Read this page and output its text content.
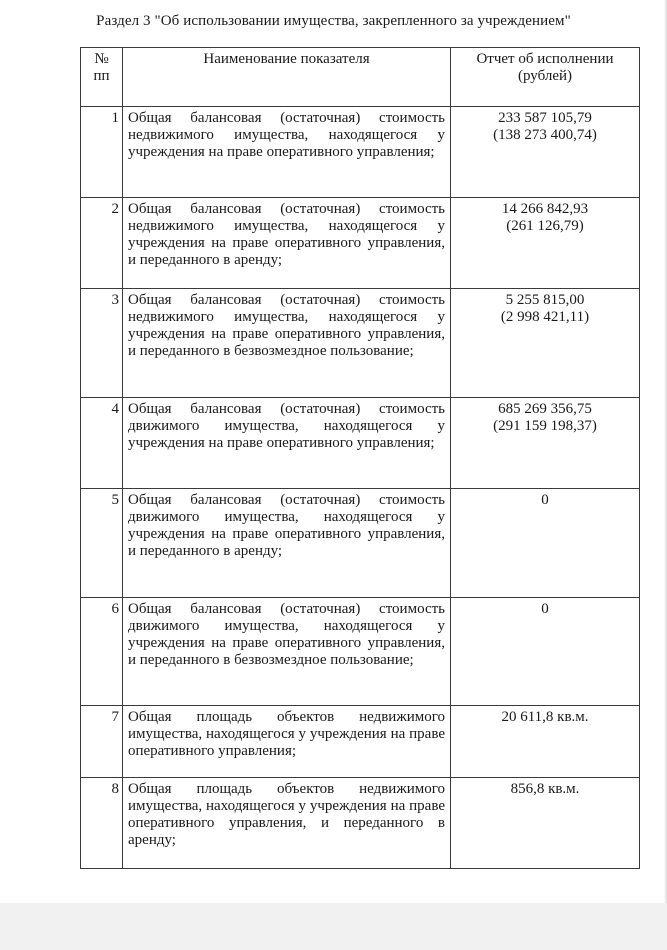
Раздел 3 "Об использовании имущества, закрепленного за учреждением"
№
пп	Наименование показателя	Отчет об исполнении
(рублей)

1	Общая балансовая (остаточная) стоимость недвижимого имущества, находящегося у учреждения на праве оперативного управления;	233 587 105,79
(138 273 400,74)

2	Общая балансовая (остаточная) стоимость недвижимого имущества, находящегося у учреждения на праве оперативного управления, и переданного в аренду;	14 266 842,93
(261 126,79)

3	Общая балансовая (остаточная) стоимость недвижимого имущества, находящегося у учреждения на праве оперативного управления, и переданного в безвозмездное пользование;	5 255 815,00
(2 998 421,11)

4	Общая балансовая (остаточная) стоимость движимого имущества, находящегося у учреждения на праве оперативного управления;	685 269 356,75
(291 159 198,37)

5	Общая балансовая (остаточная) стоимость движимого имущества, находящегося у учреждения на праве оперативного управления, и переданного в аренду;	0

6	Общая балансовая (остаточная) стоимость движимого имущества, находящегося у учреждения на праве оперативного управления, и переданного в безвозмездное пользование;	0

7	Общая площадь объектов недвижимого имущества, находящегося у учреждения на праве оперативного управления;	20 611,8 кв.м.

8	Общая площадь объектов недвижимого имущества, находящегося у учреждения на праве оперативного управления, и переданного в аренду;	856,8 кв.м.
